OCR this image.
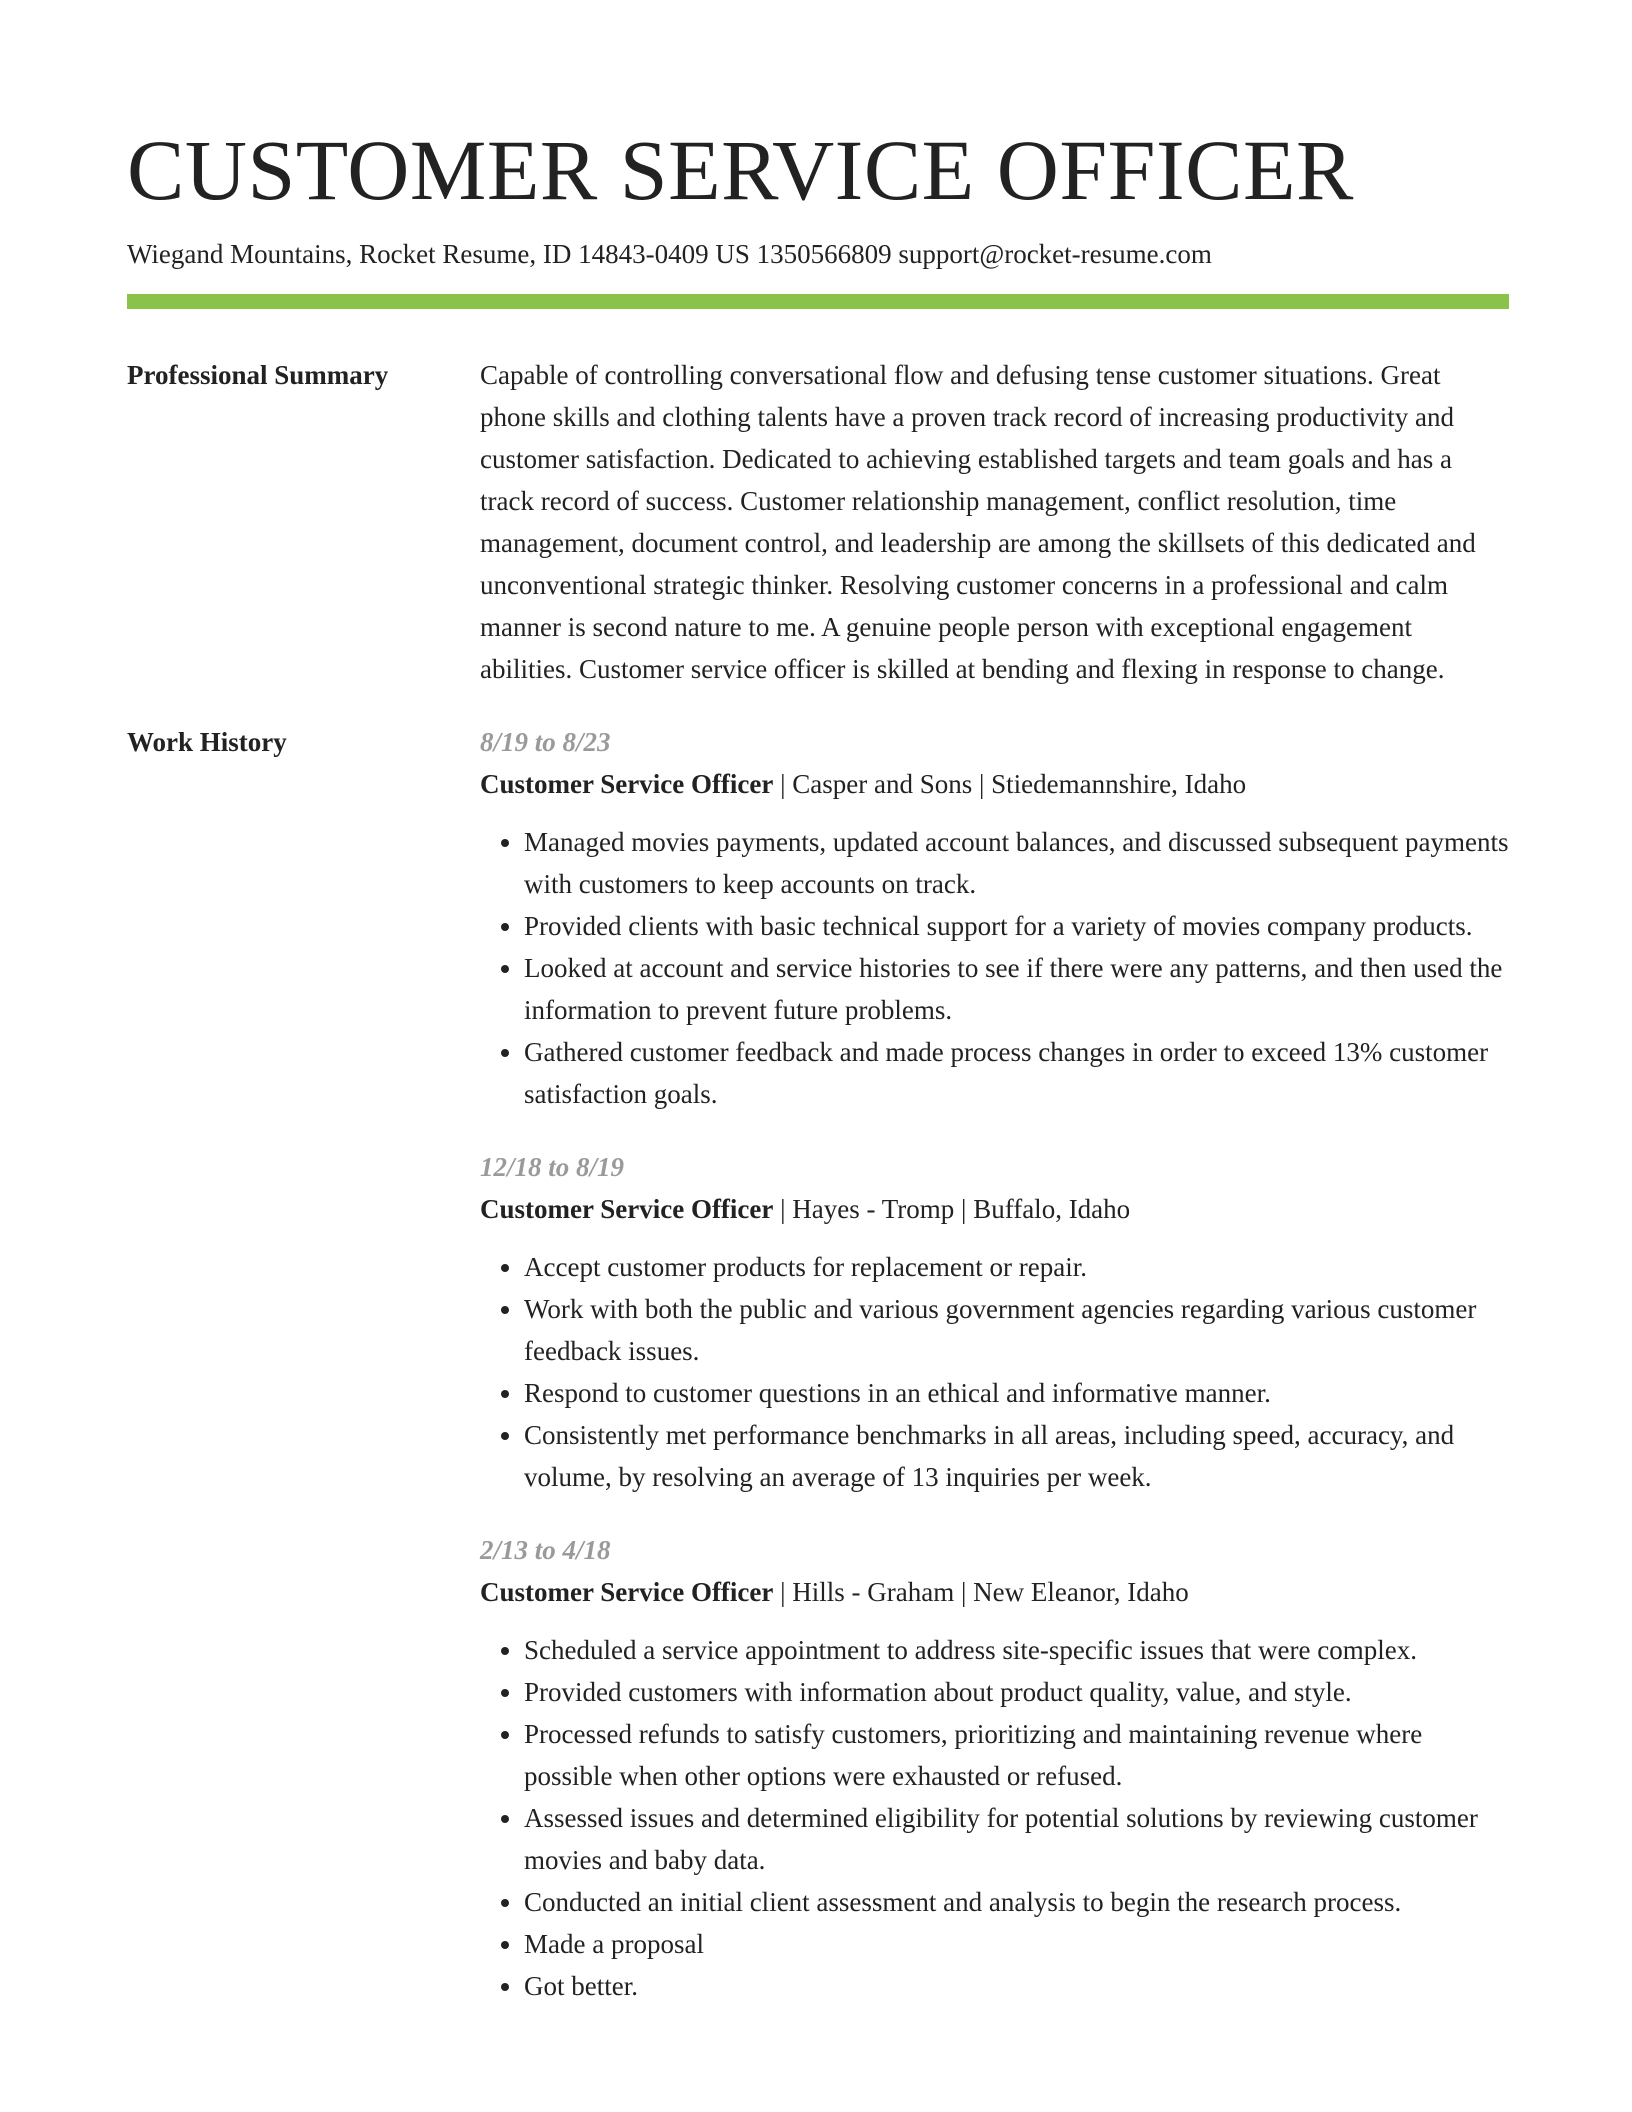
CUSTOMER SERVICE OFFICER
Wiegand Mountains, Rocket Resume, ID 14843-0409 US 1350566809 support@rocket-resume.com
Professional Summary	Capable of controlling conversational flow and defusing tense customer situations. Great phone skills and clothing talents have a proven track record of increasing productivity and customer satisfaction. Dedicated to achieving established targets and team goals and has a track record of success. Customer relationship management, conflict resolution, time management, document control, and leadership are among the skillsets of this dedicated and unconventional strategic thinker. Resolving customer concerns in a professional and calm manner is second nature to me. A genuine people person with exceptional engagement abilities. Customer service officer is skilled at bending and flexing in response to change.
Work History	8/19 to 8/23
Customer Service Officer | Casper and Sons | Stiedemannshire, Idaho
• Managed movies payments, updated account balances, and discussed subsequent payments with customers to keep accounts on track.
• Provided clients with basic technical support for a variety of movies company products.
• Looked at account and service histories to see if there were any patterns, and then used the information to prevent future problems.
• Gathered customer feedback and made process changes in order to exceed 13% customer satisfaction goals.
12/18 to 8/19
Customer Service Officer | Hayes - Tromp | Buffalo, Idaho
• Accept customer products for replacement or repair.
• Work with both the public and various government agencies regarding various customer feedback issues.
• Respond to customer questions in an ethical and informative manner.
• Consistently met performance benchmarks in all areas, including speed, accuracy, and volume, by resolving an average of 13 inquiries per week.
2/13 to 4/18
Customer Service Officer | Hills - Graham | New Eleanor, Idaho
• Scheduled a service appointment to address site-specific issues that were complex.
• Provided customers with information about product quality, value, and style.
• Processed refunds to satisfy customers, prioritizing and maintaining revenue where possible when other options were exhausted or refused.
• Assessed issues and determined eligibility for potential solutions by reviewing customer movies and baby data.
• Conducted an initial client assessment and analysis to begin the research process.
• Made a proposal
• Got better.
